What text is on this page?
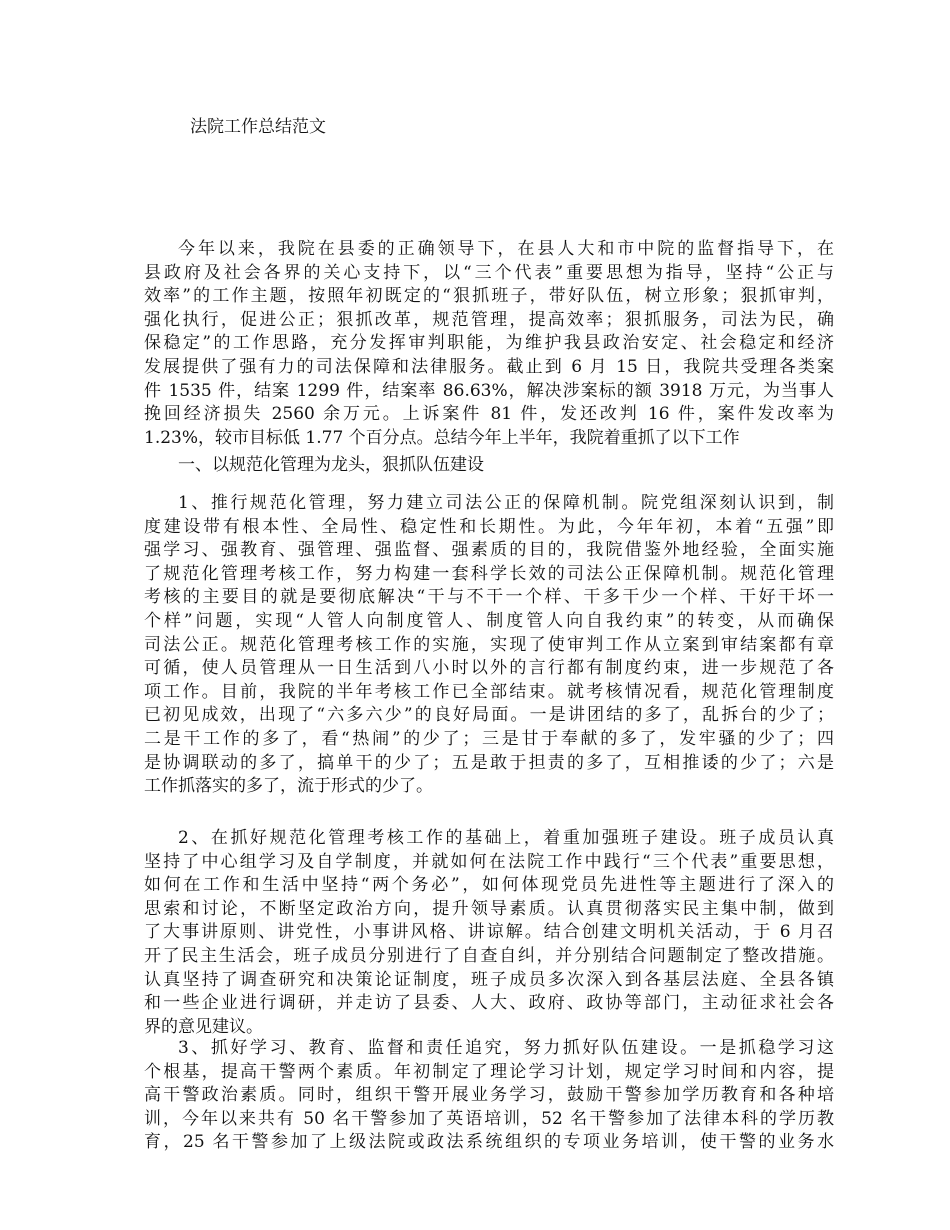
法院工作总结范文
今年以来，我院在县委的正确领导下，在县人大和市中院的监督指导下，在
县政府及社会各界的关心支持下，以“三个代表”重要思想为指导，坚持“公正与
效率”的工作主题，按照年初既定的“狠抓班子，带好队伍，树立形象；狠抓审判，
强化执行，促进公正；狠抓改革，规范管理，提高效率；狠抓服务，司法为民，确
保稳定”的工作思路，充分发挥审判职能，为维护我县政治安定、社会稳定和经济
发展提供了强有力的司法保障和法律服务。截止到 6 月 15 日，我院共受理各类案
件 1535 件，结案 1299 件，结案率 86.63%，解决涉案标的额 3918 万元，为当事人
挽回经济损失 2560 余万元。上诉案件 81 件，发还改判 16 件，案件发改率为
1.23%，较市目标低 1.77 个百分点。总结今年上半年，我院着重抓了以下工作
一、以规范化管理为龙头，狠抓队伍建设
1、推行规范化管理，努力建立司法公正的保障机制。院党组深刻认识到，制
度建设带有根本性、全局性、稳定性和长期性。为此，今年年初，本着“五强”即
强学习、强教育、强管理、强监督、强素质的目的，我院借鉴外地经验，全面实施
了规范化管理考核工作，努力构建一套科学长效的司法公正保障机制。规范化管理
考核的主要目的就是要彻底解决“干与不干一个样、干多干少一个样、干好干坏一
个样”问题，实现“人管人向制度管人、制度管人向自我约束”的转变，从而确保
司法公正。规范化管理考核工作的实施，实现了使审判工作从立案到审结案都有章
可循，使人员管理从一日生活到八小时以外的言行都有制度约束，进一步规范了各
项工作。目前，我院的半年考核工作已全部结束。就考核情况看，规范化管理制度
已初见成效，出现了“六多六少”的良好局面。一是讲团结的多了，乱拆台的少了；
二是干工作的多了，看“热闹”的少了；三是甘于奉献的多了，发牢骚的少了；四
是协调联动的多了，搞单干的少了；五是敢于担责的多了，互相推诿的少了；六是
工作抓落实的多了，流于形式的少了。
2、在抓好规范化管理考核工作的基础上，着重加强班子建设。班子成员认真
坚持了中心组学习及自学制度，并就如何在法院工作中践行“三个代表”重要思想，
如何在工作和生活中坚持“两个务必”，如何体现党员先进性等主题进行了深入的
思索和讨论，不断坚定政治方向，提升领导素质。认真贯彻落实民主集中制，做到
了大事讲原则、讲党性，小事讲风格、讲谅解。结合创建文明机关活动，于 6 月召
开了民主生活会，班子成员分别进行了自查自纠，并分别结合问题制定了整改措施。
认真坚持了调查研究和决策论证制度，班子成员多次深入到各基层法庭、全县各镇
和一些企业进行调研，并走访了县委、人大、政府、政协等部门，主动征求社会各
界的意见建议。
3、抓好学习、教育、监督和责任追究，努力抓好队伍建设。一是抓稳学习这
个根基，提高干警两个素质。年初制定了理论学习计划，规定学习时间和内容，提
高干警政治素质。同时，组织干警开展业务学习，鼓励干警参加学历教育和各种培
训，今年以来共有 50 名干警参加了英语培训，52 名干警参加了法律本科的学历教
育，25 名干警参加了上级法院或政法系统组织的专项业务培训，使干警的业务水
